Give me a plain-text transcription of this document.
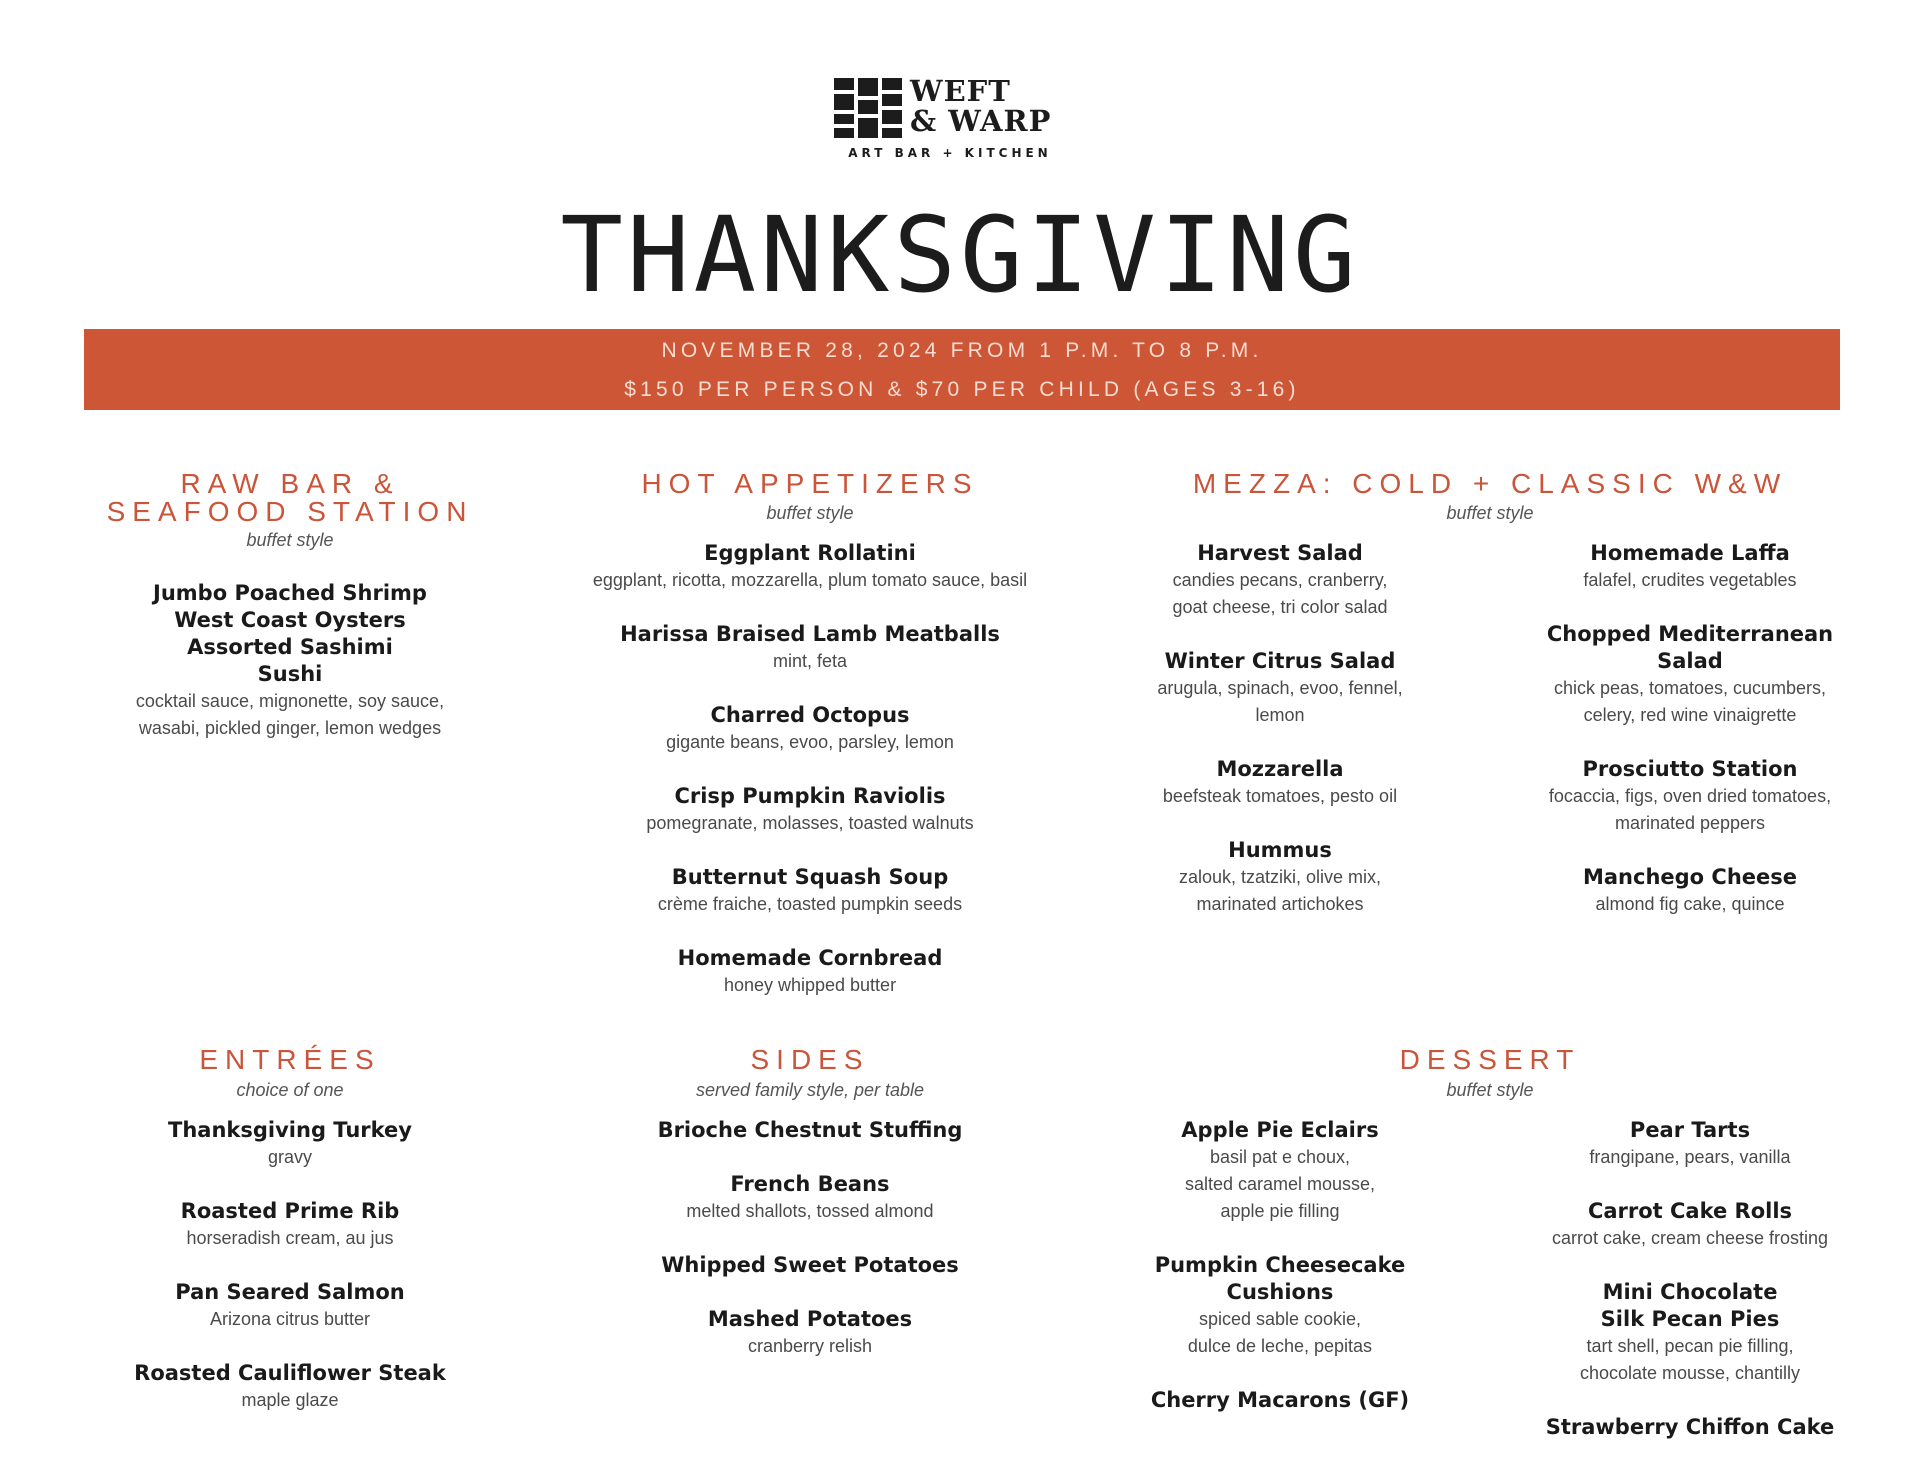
WEFT
& WARP
ART BAR + KITCHEN
THANKSGIVING
NOVEMBER 28, 2024 FROM 1 P.M. TO 8 P.M.
$150 PER PERSON & $70 PER CHILD (AGES 3-16)
RAW BAR &
SEAFOOD STATION
buffet style
Jumbo Poached Shrimp
West Coast Oysters
Assorted Sashimi
Sushi
cocktail sauce, mignonette, soy sauce,
wasabi, pickled ginger, lemon wedges
HOT APPETIZERS
buffet style
Eggplant Rollatini
eggplant, ricotta, mozzarella, plum tomato sauce, basil
Harissa Braised Lamb Meatballs
mint, feta
Charred Octopus
gigante beans, evoo, parsley, lemon
Crisp Pumpkin Raviolis
pomegranate, molasses, toasted walnuts
Butternut Squash Soup
crème fraiche, toasted pumpkin seeds
Homemade Cornbread
honey whipped butter
MEZZA: COLD + CLASSIC W&W
buffet style
Harvest Salad
candies pecans, cranberry,
goat cheese, tri color salad
Winter Citrus Salad
arugula, spinach, evoo, fennel,
lemon
Mozzarella
beefsteak tomatoes, pesto oil
Hummus
zalouk, tzatziki, olive mix,
marinated artichokes
Homemade Laffa
falafel, crudites vegetables
Chopped Mediterranean
Salad
chick peas, tomatoes, cucumbers,
celery, red wine vinaigrette
Prosciutto Station
focaccia, figs, oven dried tomatoes,
marinated peppers
Manchego Cheese
almond fig cake, quince
ENTRÉES
choice of one
Thanksgiving Turkey
gravy
Roasted Prime Rib
horseradish cream, au jus
Pan Seared Salmon
Arizona citrus butter
Roasted Cauliflower Steak
maple glaze
SIDES
served family style, per table
Brioche Chestnut Stuffing
French Beans
melted shallots, tossed almond
Whipped Sweet Potatoes
Mashed Potatoes
cranberry relish
DESSERT
buffet style
Apple Pie Eclairs
basil pat e choux,
salted caramel mousse,
apple pie filling
Pumpkin Cheesecake
Cushions
spiced sable cookie,
dulce de leche, pepitas
Cherry Macarons (GF)
Pear Tarts
frangipane, pears, vanilla
Carrot Cake Rolls
carrot cake, cream cheese frosting
Mini Chocolate
Silk Pecan Pies
tart shell, pecan pie filling,
chocolate mousse, chantilly
Strawberry Chiffon Cake
